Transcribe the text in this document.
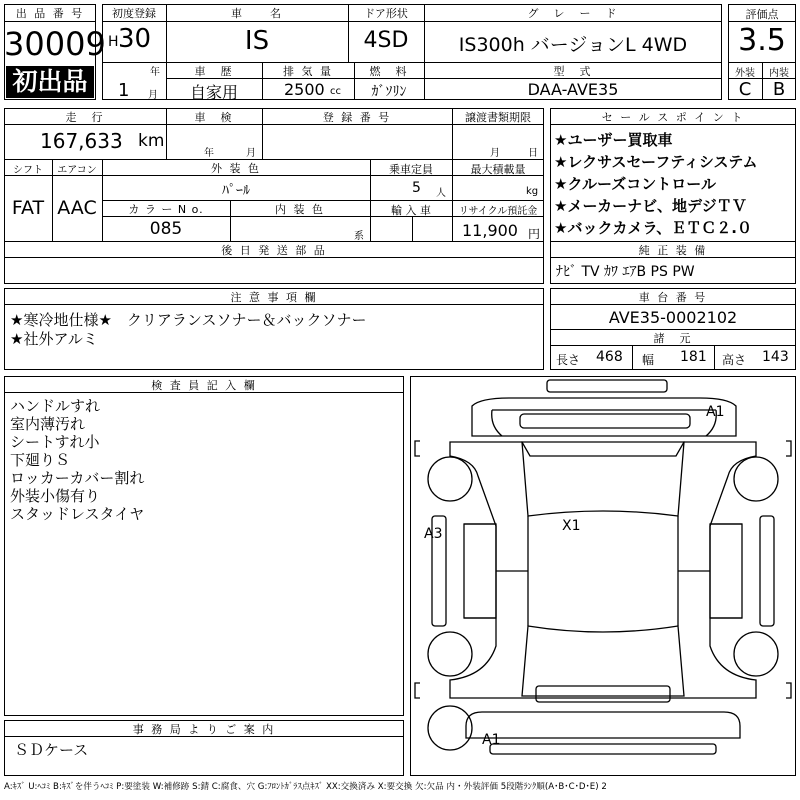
出 品 番 号
30009
初出品
初度登録
H 30
年
1 月
車　　名
IS
ドア形状
4SD
グ　レ　ー　ド
IS300h バージョンL 4WD
車　歴
自家用
排 気 量
2500 cc
燃　料
ｶﾞｿﾘﾝ
型　式
DAA-AVE35
評価点
3.5
外装	内装
C	B
走　行
167,633 km
車　検
年	月
登 録 番 号	譲渡書類期限
月	日
シフト	エアコン
FAT AAC
外 装 色
ﾊﾟｰﾙ
乗車定員
5 人
最大積載量
kg
カ ラ ー N o.
085
内 装 色
系
輸 入 車	リサイクル預託金
11,900 円
後 日 発 送 部 品
セ ー ル ス ポ イ ン ト
★ユーザー買取車
★レクサスセーフティシステム
★クルーズコントロール
★メーカーナビ、地デジＴＶ
★バックカメラ、ＥＴＣ２.０
純 正 装 備
ﾅﾋﾞ TV ｶﾜ ｴｱB PS PW
注 意 事 項 欄
★寒冷地仕様★　クリアランスソナー＆バックソナー
★社外アルミ
車 台 番 号
AVE35-0002102
諸　元
長さ 468 幅 181 高さ 143
検 査 員 記 入 欄
ハンドルすれ
室内薄汚れ
シートすれ小
下廻りＳ
ロッカーカバー割れ
外装小傷有り
スタッドレスタイヤ
事 務 局 よ り ご 案 内
ＳＤケース
A1
A3	X1
A1
A:ｷｽﾞ U:ﾍｺﾐ B:ｷｽﾞを伴うﾍｺﾐ P:要塗装 W:補修跡 S:錆 C:腐食、穴 G:ﾌﾛﾝﾄｶﾞﾗｽ点ｷｽﾞ XX:交換済み X:要交換 欠:欠品 内・外装評価 5段階ﾗﾝｸ順(A･B･C･D･E) 2
